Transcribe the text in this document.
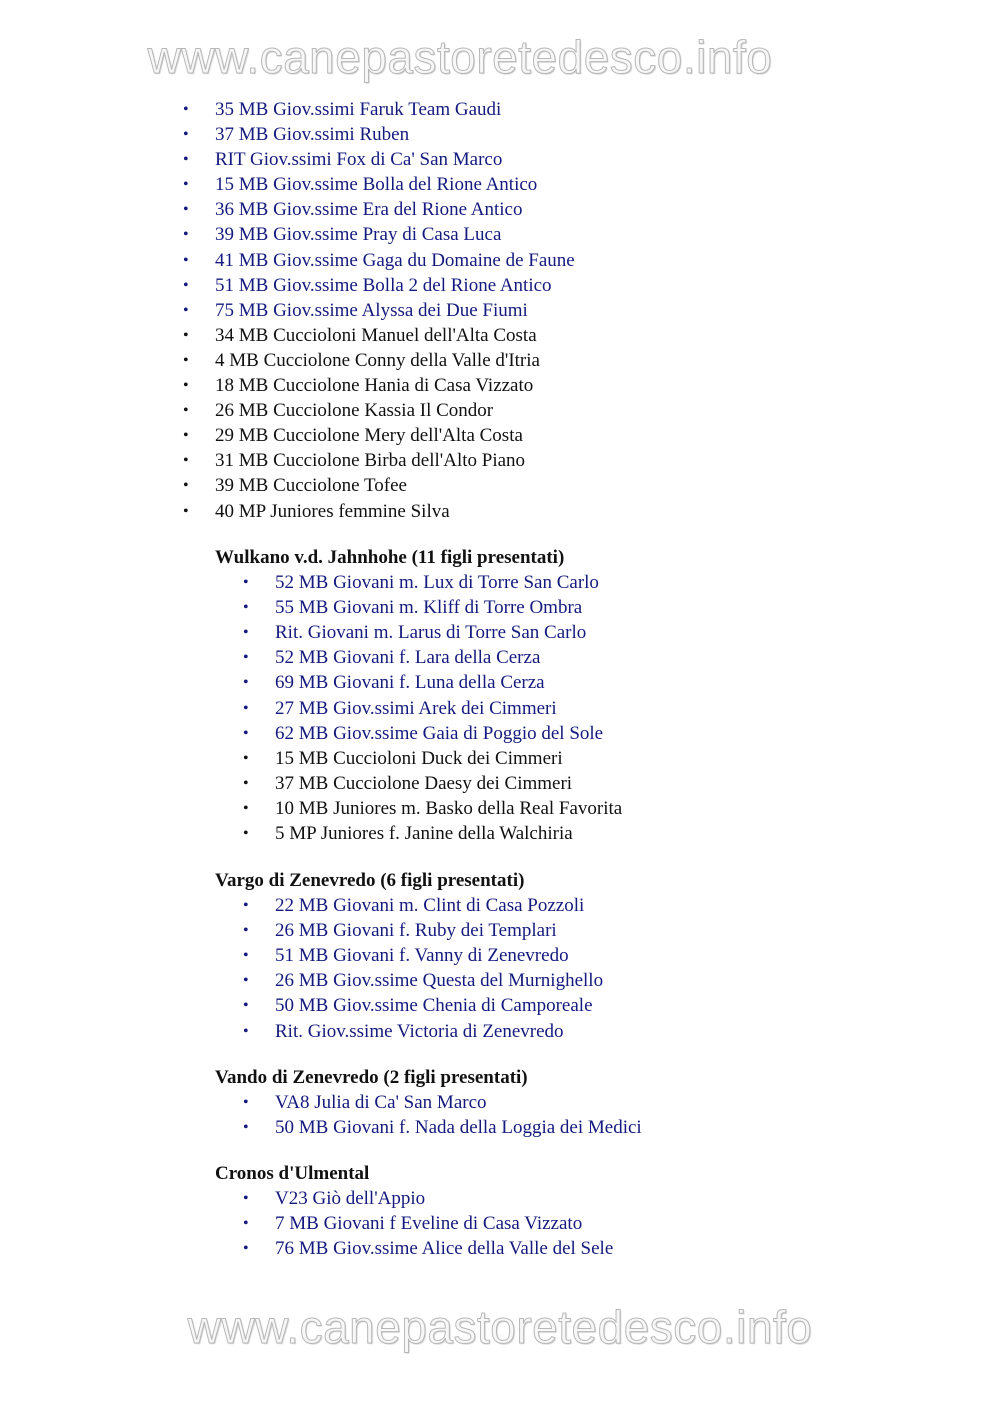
www.canepastoretedesco.info
• 35 MB Giov.ssimi Faruk Team Gaudi
• 37 MB Giov.ssimi Ruben
• RIT Giov.ssimi Fox di Ca' San Marco
• 15 MB Giov.ssime Bolla del Rione Antico
• 36 MB Giov.ssime Era del Rione Antico
• 39 MB Giov.ssime Pray di Casa Luca
• 41 MB Giov.ssime Gaga du Domaine de Faune
• 51 MB Giov.ssime Bolla 2 del Rione Antico
• 75 MB Giov.ssime Alyssa dei Due Fiumi
• 34 MB Cuccioloni Manuel dell'Alta Costa
• 4 MB Cucciolone Conny della Valle d'Itria
• 18 MB Cucciolone Hania di Casa Vizzato
• 26 MB Cucciolone Kassia Il Condor
• 29 MB Cucciolone Mery dell'Alta Costa
• 31 MB Cucciolone Birba dell'Alto Piano
• 39 MB Cucciolone Tofee
• 40 MP Juniores femmine Silva
Wulkano v.d. Jahnhohe (11 figli presentati)
• 52 MB Giovani m. Lux di Torre San Carlo
• 55 MB Giovani m. Kliff di Torre Ombra
• Rit. Giovani m. Larus di Torre San Carlo
• 52 MB Giovani f. Lara della Cerza
• 69 MB Giovani f. Luna della Cerza
• 27 MB Giov.ssimi Arek dei Cimmeri
• 62 MB Giov.ssime Gaia di Poggio del Sole
• 15 MB Cuccioloni Duck dei Cimmeri
• 37 MB Cucciolone Daesy dei Cimmeri
• 10 MB Juniores m. Basko della Real Favorita
• 5 MP Juniores f. Janine della Walchiria
Vargo di Zenevredo (6 figli presentati)
• 22 MB Giovani m. Clint di Casa Pozzoli
• 26 MB Giovani f. Ruby dei Templari
• 51 MB Giovani f. Vanny di Zenevredo
• 26 MB Giov.ssime Questa del Murnighello
• 50 MB Giov.ssime Chenia di Camporeale
• Rit. Giov.ssime Victoria di Zenevredo
Vando di Zenevredo (2 figli presentati)
• VA8 Julia di Ca' San Marco
• 50 MB Giovani f. Nada della Loggia dei Medici
Cronos d'Ulmental
• V23 Giò dell'Appio
• 7 MB Giovani f Eveline di Casa Vizzato
• 76 MB Giov.ssime Alice della Valle del Sele
www.canepastoretedesco.info
